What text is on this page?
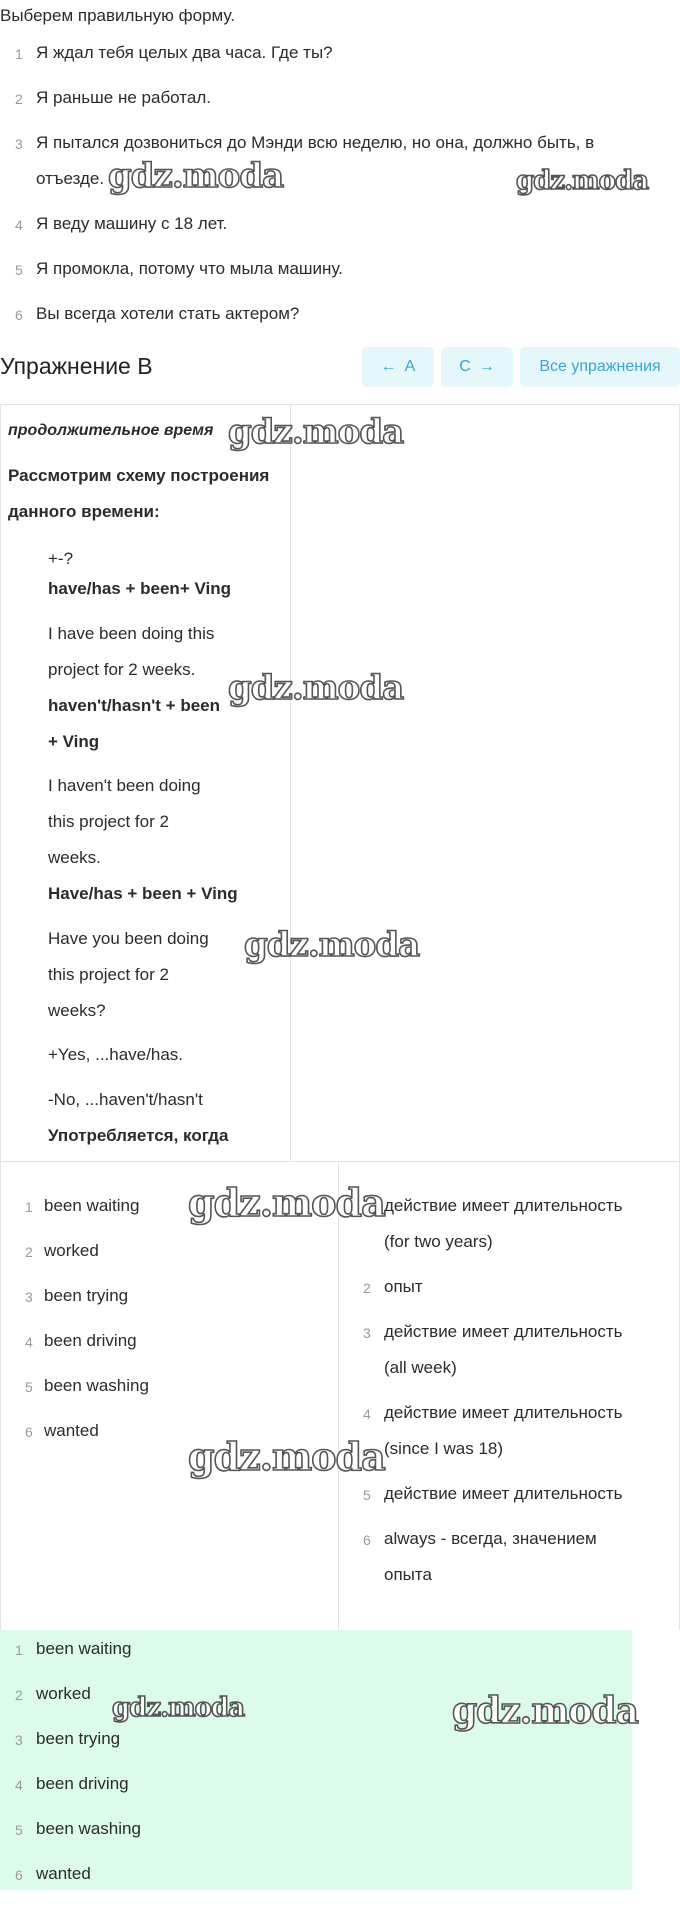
Выберем правильную форму.
1 Я ждал тебя целых два часа. Где ты?
2 Я раньше не работал.
3 Я пытался дозвониться до Мэнди всю неделю, но она, должно быть, в
отъезде.
4 Я веду машину с 18 лет.
5 Я промокла, потому что мыла машину.
6 Вы всегда хотели стать актером?
Упражнение B	← A	C →	Все упражнения
продолжительное время
Рассмотрим схему построения
данного времени:
+-?
have/has + been+ Ving
I have been doing this
project for 2 weeks.
haven't/hasn't + been
+ Ving
I haven't been doing
this project for 2
weeks.
Have/has + been + Ving
Have you been doing
this project for 2
weeks?
+Yes, ...have/has.
-No, ...haven't/hasn't
Употребляется, когда
1 been waiting
2 worked
3 been trying
4 been driving
5 been washing
6 wanted
действие имеет длительность
(for two years)
2 опыт
3 действие имеет длительность
(all week)
4 действие имеет длительность
(since I was 18)
5 действие имеет длительность
6 always - всегда, значением
опыта
1 been waiting
2 worked
3 been trying
4 been driving
5 been washing
6 wanted
gdz.moda	gdz.moda
gdz.moda
gdz.moda
gdz.moda
gdz.moda
gdz.moda
gdz.moda	gdz.moda
